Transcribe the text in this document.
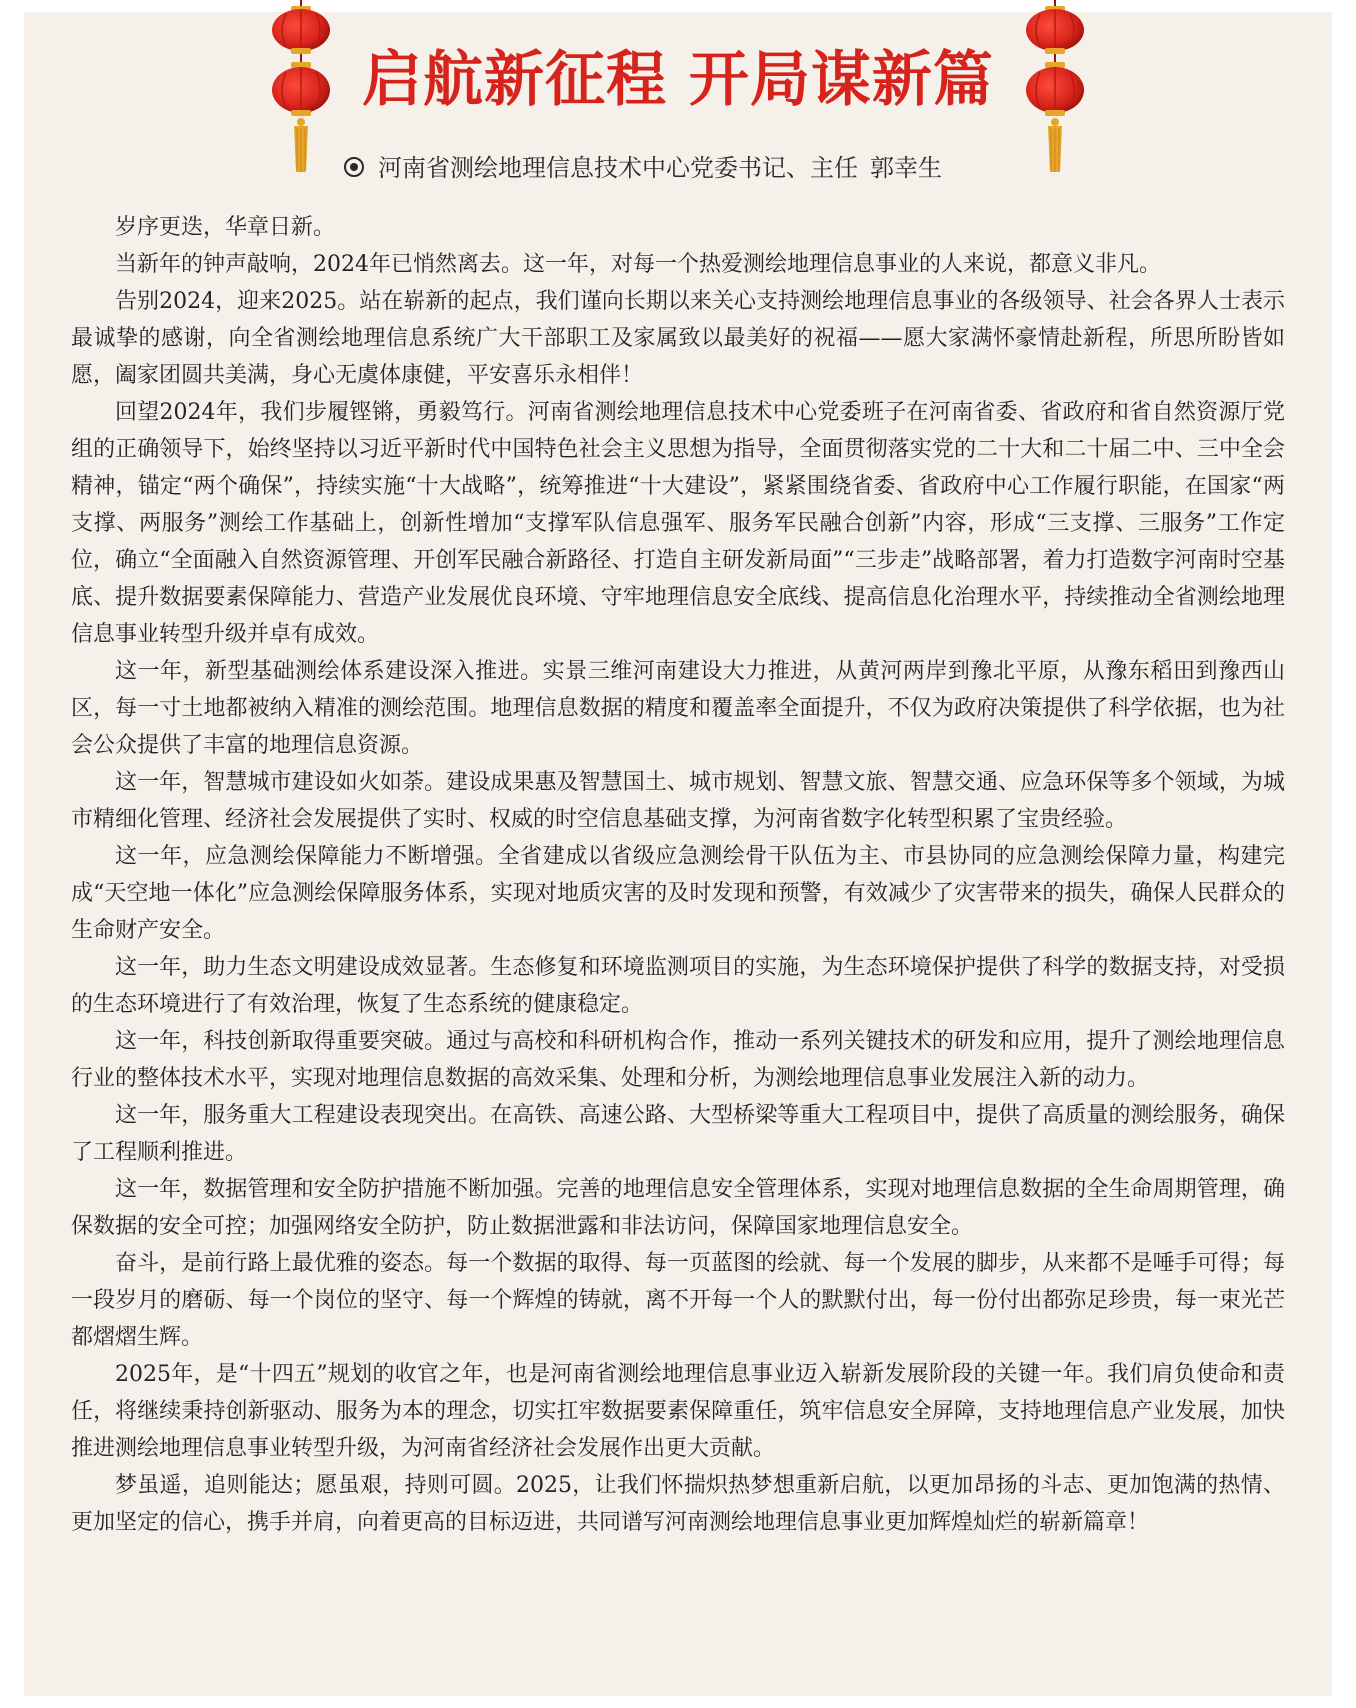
启航新征程 开局谋新篇
河南省测绘地理信息技术中心党委书记、主任 郭幸生

岁序更迭，华章日新。

当新年的钟声敲响，2024年已悄然离去。这一年，对每一个热爱测绘地理信息事业的人来说，都意义非凡。

告别2024，迎来2025。站在崭新的起点，我们谨向长期以来关心支持测绘地理信息事业的各级领导、社会各界人士表示最诚挚的感谢，向全省测绘地理信息系统广大干部职工及家属致以最美好的祝福——愿大家满怀豪情赴新程，所思所盼皆如愿，阖家团圆共美满，身心无虞体康健，平安喜乐永相伴！

回望2024年，我们步履铿锵，勇毅笃行。河南省测绘地理信息技术中心党委班子在河南省委、省政府和省自然资源厅党组的正确领导下，始终坚持以习近平新时代中国特色社会主义思想为指导，全面贯彻落实党的二十大和二十届二中、三中全会精神，锚定“两个确保”，持续实施“十大战略”，统筹推进“十大建设”，紧紧围绕省委、省政府中心工作履行职能，在国家“两支撑、两服务”测绘工作基础上，创新性增加“支撑军队信息强军、服务军民融合创新”内容，形成“三支撑、三服务”工作定位，确立“全面融入自然资源管理、开创军民融合新路径、打造自主研发新局面”“三步走”战略部署，着力打造数字河南时空基底、提升数据要素保障能力、营造产业发展优良环境、守牢地理信息安全底线、提高信息化治理水平，持续推动全省测绘地理信息事业转型升级并卓有成效。

这一年，新型基础测绘体系建设深入推进。实景三维河南建设大力推进，从黄河两岸到豫北平原，从豫东稻田到豫西山区，每一寸土地都被纳入精准的测绘范围。地理信息数据的精度和覆盖率全面提升，不仅为政府决策提供了科学依据，也为社会公众提供了丰富的地理信息资源。

这一年，智慧城市建设如火如荼。建设成果惠及智慧国土、城市规划、智慧文旅、智慧交通、应急环保等多个领域，为城市精细化管理、经济社会发展提供了实时、权威的时空信息基础支撑，为河南省数字化转型积累了宝贵经验。

这一年，应急测绘保障能力不断增强。全省建成以省级应急测绘骨干队伍为主、市县协同的应急测绘保障力量，构建完成“天空地一体化”应急测绘保障服务体系，实现对地质灾害的及时发现和预警，有效减少了灾害带来的损失，确保人民群众的生命财产安全。

这一年，助力生态文明建设成效显著。生态修复和环境监测项目的实施，为生态环境保护提供了科学的数据支持，对受损的生态环境进行了有效治理，恢复了生态系统的健康稳定。

这一年，科技创新取得重要突破。通过与高校和科研机构合作，推动一系列关键技术的研发和应用，提升了测绘地理信息行业的整体技术水平，实现对地理信息数据的高效采集、处理和分析，为测绘地理信息事业发展注入新的动力。

这一年，服务重大工程建设表现突出。在高铁、高速公路、大型桥梁等重大工程项目中，提供了高质量的测绘服务，确保了工程顺利推进。

这一年，数据管理和安全防护措施不断加强。完善的地理信息安全管理体系，实现对地理信息数据的全生命周期管理，确保数据的安全可控；加强网络安全防护，防止数据泄露和非法访问，保障国家地理信息安全。

奋斗，是前行路上最优雅的姿态。每一个数据的取得、每一页蓝图的绘就、每一个发展的脚步，从来都不是唾手可得；每一段岁月的磨砺、每一个岗位的坚守、每一个辉煌的铸就，离不开每一个人的默默付出，每一份付出都弥足珍贵，每一束光芒都熠熠生辉。

2025年，是“十四五”规划的收官之年，也是河南省测绘地理信息事业迈入崭新发展阶段的关键一年。我们肩负使命和责任，将继续秉持创新驱动、服务为本的理念，切实扛牢数据要素保障重任，筑牢信息安全屏障，支持地理信息产业发展，加快推进测绘地理信息事业转型升级，为河南省经济社会发展作出更大贡献。

梦虽遥，追则能达；愿虽艰，持则可圆。2025，让我们怀揣炽热梦想重新启航，以更加昂扬的斗志、更加饱满的热情、更加坚定的信心，携手并肩，向着更高的目标迈进，共同谱写河南测绘地理信息事业更加辉煌灿烂的崭新篇章！
